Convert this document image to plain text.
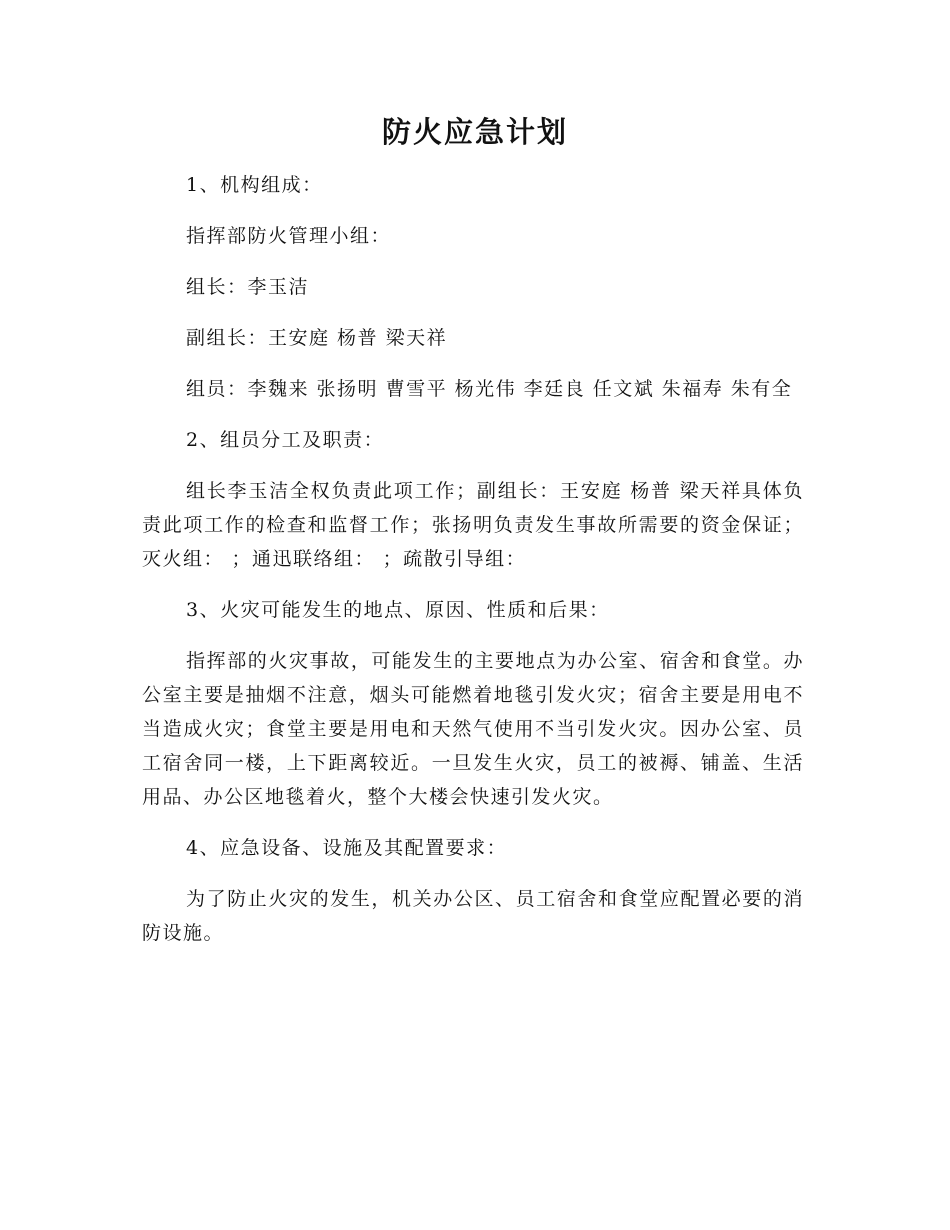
防火应急计划

1、机构组成：

指挥部防火管理小组：

组长：李玉洁

副组长：王安庭 杨普 梁天祥

组员：李魏来 张扬明 曹雪平 杨光伟 李廷良 任文斌 朱福寿 朱有全

2、组员分工及职责：

组长李玉洁全权负责此项工作；副组长：王安庭 杨普 梁天祥具体负责此项工作的检查和监督工作；张扬明负责发生事故所需要的资金保证；灭火组： ；通迅联络组： ；疏散引导组：

3、火灾可能发生的地点、原因、性质和后果：

指挥部的火灾事故，可能发生的主要地点为办公室、宿舍和食堂。办公室主要是抽烟不注意，烟头可能燃着地毯引发火灾；宿舍主要是用电不当造成火灾；食堂主要是用电和天然气使用不当引发火灾。因办公室、员工宿舍同一楼，上下距离较近。一旦发生火灾，员工的被褥、铺盖、生活用品、办公区地毯着火，整个大楼会快速引发火灾。

4、应急设备、设施及其配置要求：

为了防止火灾的发生，机关办公区、员工宿舍和食堂应配置必要的消防设施。
